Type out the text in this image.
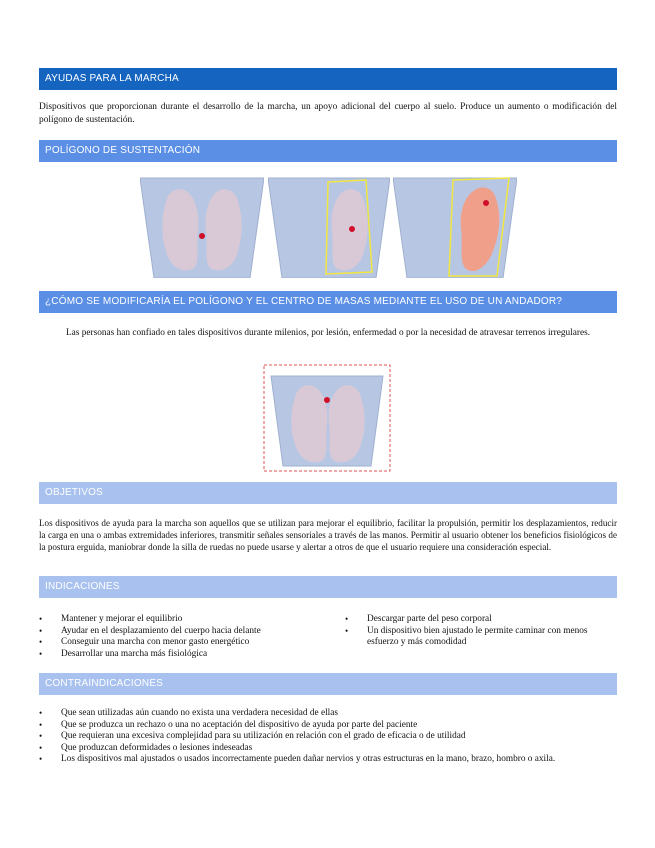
AYUDAS PARA LA MARCHA
Dispositivos que proporcionan durante el desarrollo de la marcha, un apoyo adicional del cuerpo al suelo. Produce un aumento o modificación del polígono de sustentación.
POLÍGONO DE SUSTENTACIÓN
¿CÓMO SE MODIFICARÍA EL POLÍGONO Y EL CENTRO DE MASAS MEDIANTE EL USO DE UN ANDADOR?
Las personas han confiado en tales dispositivos durante milenios, por lesión, enfermedad o por la necesidad de atravesar terrenos irregulares.
OBJETIVOS
Los dispositivos de ayuda para la marcha son aquellos que se utilizan para mejorar el equilibrio, facilitar la propulsión, permitir los desplazamientos, reducir la carga en una o ambas extremidades inferiores, transmitir señales sensoriales a través de las manos. Permitir al usuario obtener los beneficios fisiológicos de la postura erguida, maniobrar donde la silla de ruedas no puede usarse y alertar a otros de que el usuario requiere una consideración especial.
INDICACIONES
• Mantener y mejorar el equilibrio
• Ayudar en el desplazamiento del cuerpo hacia delante
• Conseguir una marcha con menor gasto energético
• Desarrollar una marcha más fisiológica
• Descargar parte del peso corporal
• Un dispositivo bien ajustado le permite caminar con menos esfuerzo y más comodidad
CONTRAINDICACIONES
• Que sean utilizadas aún cuando no exista una verdadera necesidad de ellas
• Que se produzca un rechazo o una no aceptación del dispositivo de ayuda por parte del paciente
• Que requieran una excesiva complejidad para su utilización en relación con el grado de eficacia o de utilidad
• Que produzcan deformidades o lesiones indeseadas
• Los dispositivos mal ajustados o usados incorrectamente pueden dañar nervios y otras estructuras en la mano, brazo, hombro o axila.
